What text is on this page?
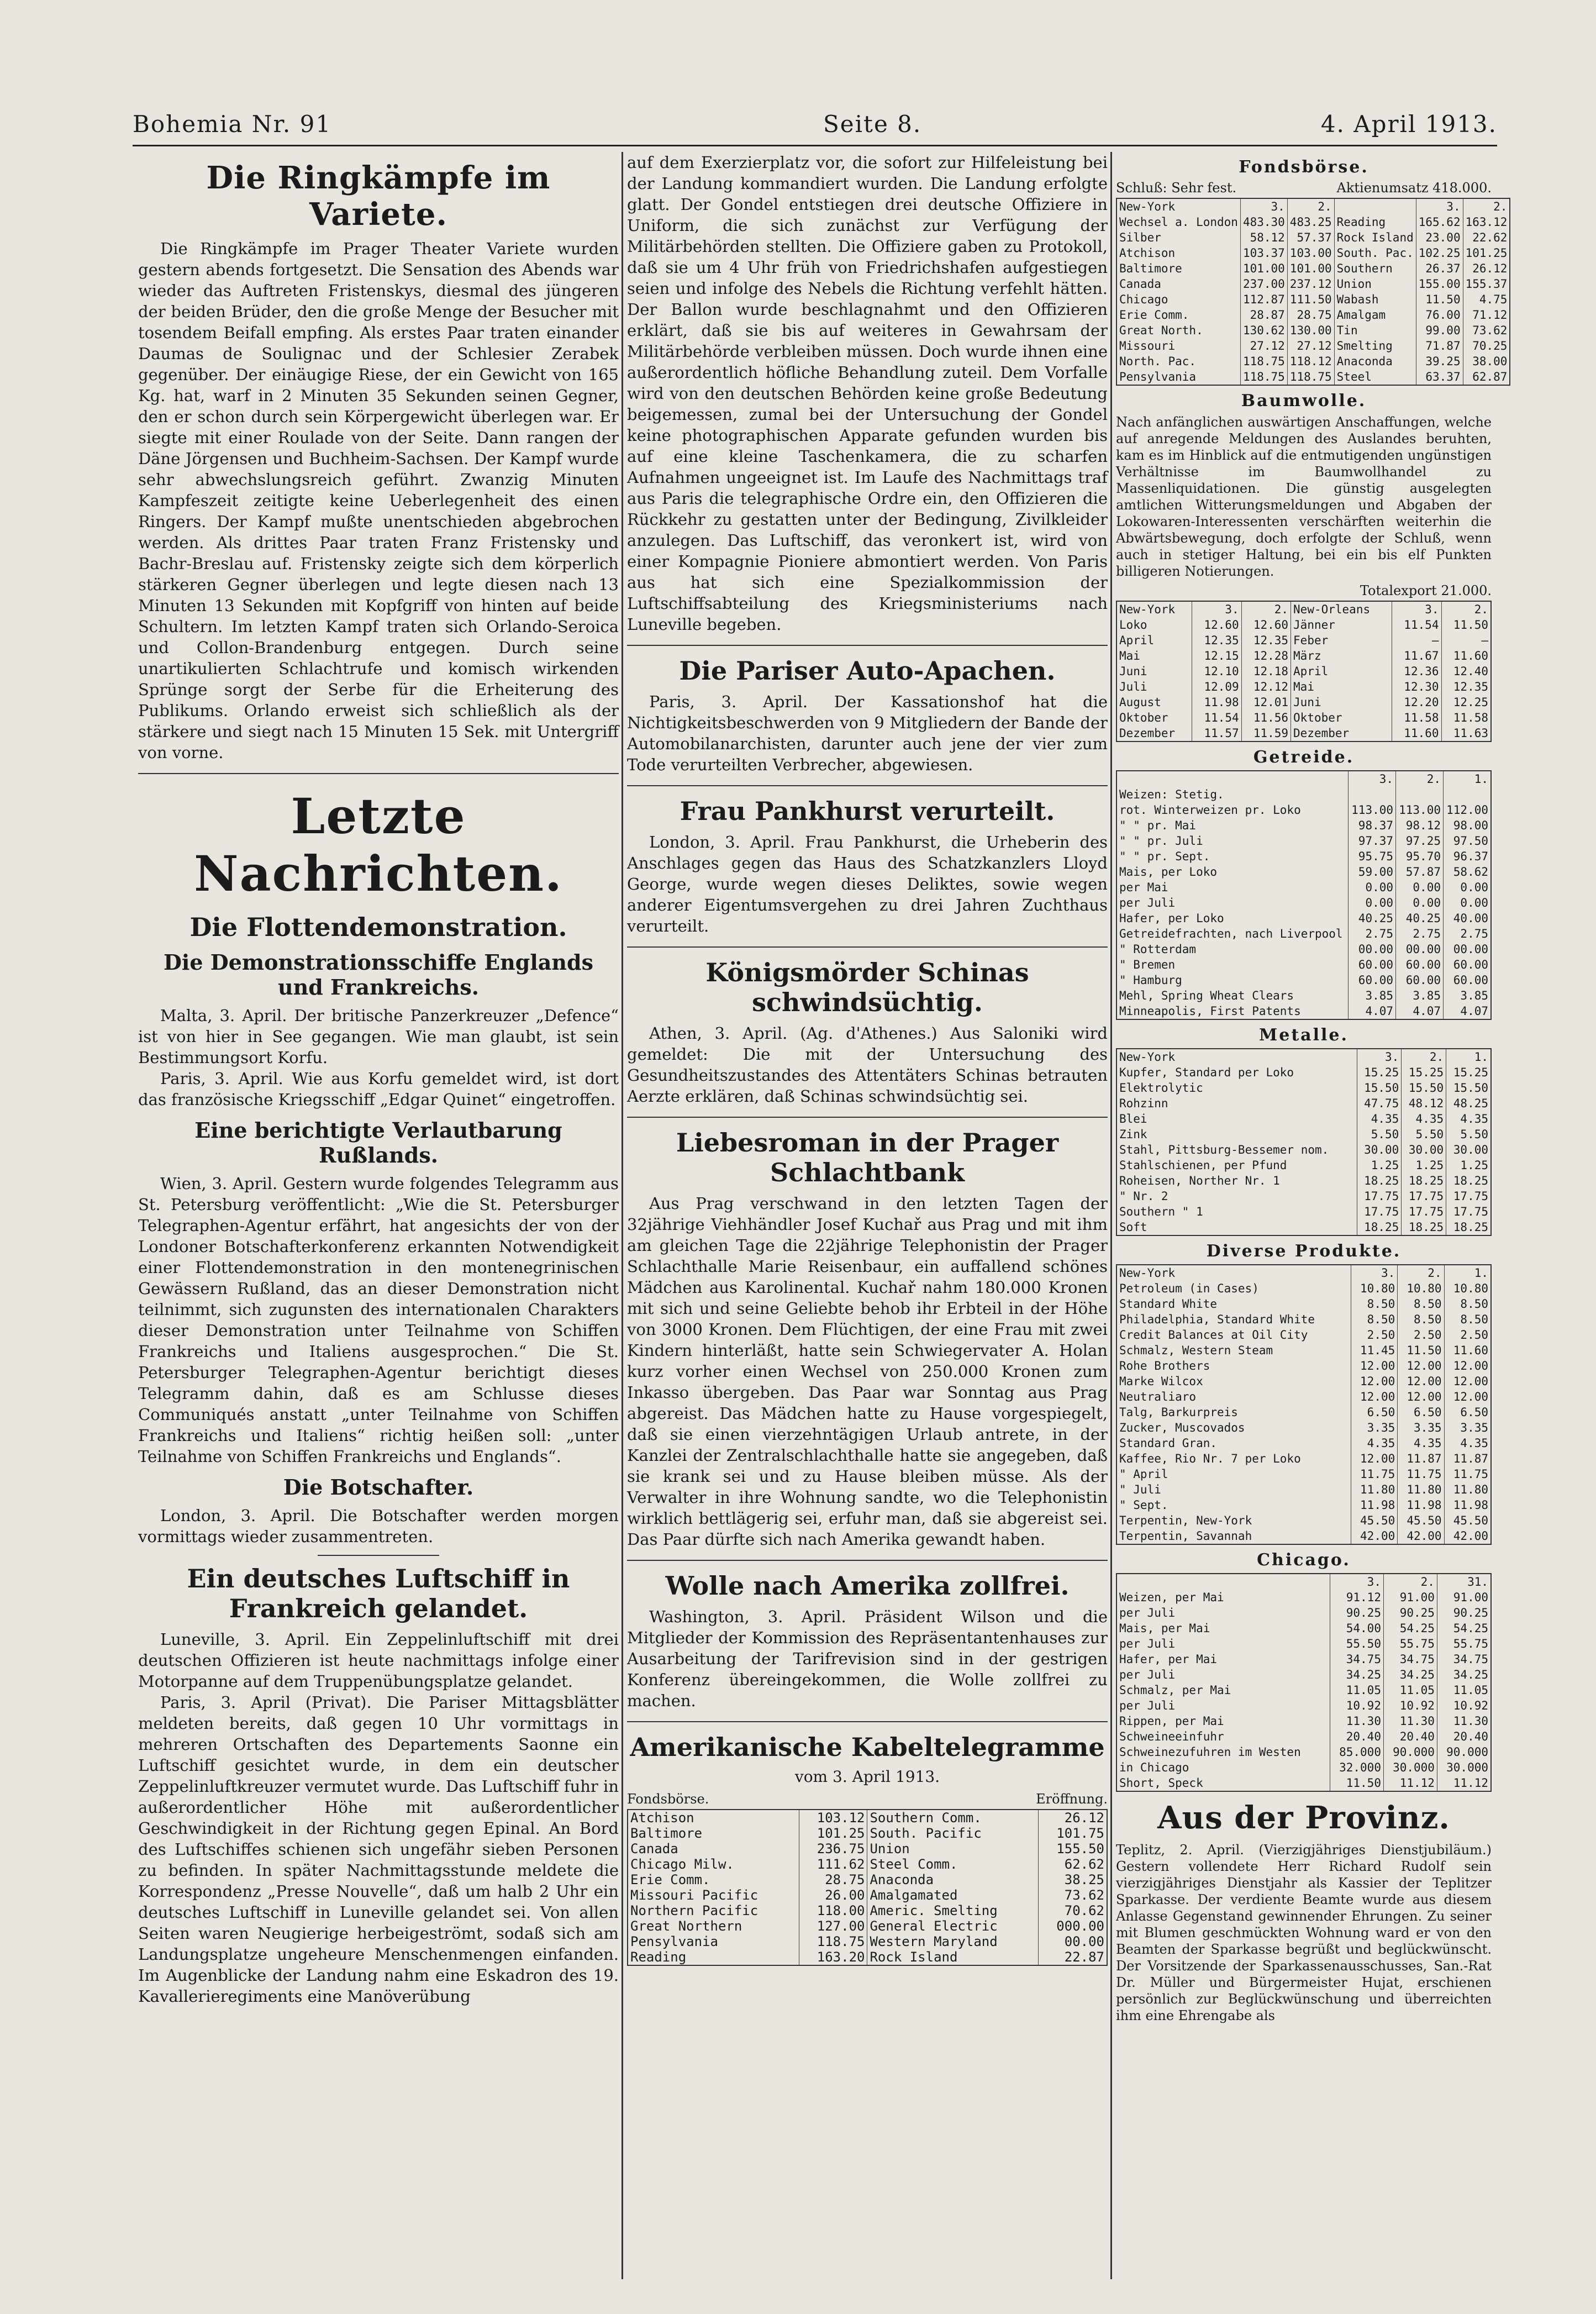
Bohemia Nr. 91	Seite 8.	4. April 1913.
Die Ringkämpfe im Variete.

Die Ringkämpfe im Prager Theater Variete wurden gestern abends fortgesetzt. Die Sensation des Abends war wieder das Auftreten Fristenskys, diesmal des jüngeren der beiden Brüder, den die große Menge der Besucher mit tosendem Beifall empfing. Als erstes Paar traten einander Daumas de Soulignac und der Schlesier Zerabek gegenüber. Der einäugige Riese, der ein Gewicht von 165 Kg. hat, warf in 2 Minuten 35 Sekunden seinen Gegner, den er schon durch sein Körpergewicht überlegen war. Er siegte mit einer Roulade von der Seite. Dann rangen der Däne Jörgensen und Buchheim-Sachsen. Der Kampf wurde sehr abwechslungsreich geführt. Zwanzig Minuten Kampfeszeit zeitigte keine Ueberlegenheit des einen Ringers. Der Kampf mußte unentschieden abgebrochen werden. Als drittes Paar traten Franz Fristensky und Bachr-Breslau auf. Fristensky zeigte sich dem körperlich stärkeren Gegner überlegen und legte diesen nach 13 Minuten 13 Sekunden mit Kopfgriff von hinten auf beide Schultern. Im letzten Kampf traten sich Orlando-Seroica und Collon-Brandenburg entgegen. Durch seine unartikulierten Schlachtrufe und komisch wirkenden Sprünge sorgt der Serbe für die Erheiterung des Publikums. Orlando erweist sich schließlich als der stärkere und siegt nach 15 Minuten 15 Sek. mit Untergriff von vorne.

Letzte Nachrichten.
Die Flottendemonstration.
Die Demonstrationsschiffe Englands und Frankreichs.

Malta, 3. April. Der britische Panzerkreuzer „Defence“ ist von hier in See gegangen. Wie man glaubt, ist sein Bestimmungsort Korfu.

Paris, 3. April. Wie aus Korfu gemeldet wird, ist dort das französische Kriegsschiff „Edgar Quinet“ eingetroffen.

Eine berichtigte Verlautbarung Rußlands.

Wien, 3. April. Gestern wurde folgendes Telegramm aus St. Petersburg veröffentlicht: „Wie die St. Petersburger Telegraphen-Agentur erfährt, hat angesichts der von der Londoner Botschafterkonferenz erkannten Notwendigkeit einer Flottendemonstration in den montenegrinischen Gewässern Rußland, das an dieser Demonstration nicht teilnimmt, sich zugunsten des internationalen Charakters dieser Demonstration unter Teilnahme von Schiffen Frankreichs und Italiens ausgesprochen.“ Die St. Petersburger Telegraphen-Agentur berichtigt dieses Telegramm dahin, daß es am Schlusse dieses Communiqués anstatt „unter Teilnahme von Schiffen Frankreichs und Italiens“ richtig heißen soll: „unter Teilnahme von Schiffen Frankreichs und Englands“.

Die Botschafter.

London, 3. April. Die Botschafter werden morgen vormittags wieder zusammentreten.

Ein deutsches Luftschiff in Frankreich gelandet.

Luneville, 3. April. Ein Zeppelinluftschiff mit drei deutschen Offizieren ist heute nachmittags infolge einer Motorpanne auf dem Truppenübungsplatze gelandet.

Paris, 3. April (Privat). Die Pariser Mittagsblätter meldeten bereits, daß gegen 10 Uhr vormittags in mehreren Ortschaften des Departements Saonne ein Luftschiff gesichtet wurde, in dem ein deutscher Zeppelinluftkreuzer vermutet wurde. Das Luftschiff fuhr in außerordentlicher Höhe mit außerordentlicher Geschwindigkeit in der Richtung gegen Epinal. An Bord des Luftschiffes schienen sich ungefähr sieben Personen zu befinden. In später Nachmittagsstunde meldete die Korrespondenz „Presse Nouvelle“, daß um halb 2 Uhr ein deutsches Luftschiff in Luneville gelandet sei. Von allen Seiten waren Neugierige herbeigeströmt, sodaß sich am Landungsplatze ungeheure Menschenmengen einfanden. Im Augenblicke der Landung nahm eine Eskadron des 19. Kavallerieregiments eine Manöverübung

auf dem Exerzierplatz vor, die sofort zur Hilfeleistung bei der Landung kommandiert wurden. Die Landung erfolgte glatt. Der Gondel entstiegen drei deutsche Offiziere in Uniform, die sich zunächst zur Verfügung der Militärbehörden stellten. Die Offiziere gaben zu Protokoll, daß sie um 4 Uhr früh von Friedrichshafen aufgestiegen seien und infolge des Nebels die Richtung verfehlt hätten. Der Ballon wurde beschlagnahmt und den Offizieren erklärt, daß sie bis auf weiteres in Gewahrsam der Militärbehörde verbleiben müssen. Doch wurde ihnen eine außerordentlich höfliche Behandlung zuteil. Dem Vorfalle wird von den deutschen Behörden keine große Bedeutung beigemessen, zumal bei der Untersuchung der Gondel keine photographischen Apparate gefunden wurden bis auf eine kleine Taschenkamera, die zu scharfen Aufnahmen ungeeignet ist. Im Laufe des Nachmittags traf aus Paris die telegraphische Ordre ein, den Offizieren die Rückkehr zu gestatten unter der Bedingung, Zivilkleider anzulegen. Das Luftschiff, das veronkert ist, wird von einer Kompagnie Pioniere abmontiert werden. Von Paris aus hat sich eine Spezialkommission der Luftschiffsabteilung des Kriegsministeriums nach Luneville begeben.

Die Pariser Auto-Apachen.

Paris, 3. April. Der Kassationshof hat die Nichtigkeitsbeschwerden von 9 Mitgliedern der Bande der Automobilanarchisten, darunter auch jene der vier zum Tode verurteilten Verbrecher, abgewiesen.

Frau Pankhurst verurteilt.

London, 3. April. Frau Pankhurst, die Urheberin des Anschlages gegen das Haus des Schatzkanzlers Lloyd George, wurde wegen dieses Deliktes, sowie wegen anderer Eigentumsvergehen zu drei Jahren Zuchthaus verurteilt.

Königsmörder Schinas schwindsüchtig.

Athen, 3. April. (Ag. d'Athenes.) Aus Saloniki wird gemeldet: Die mit der Untersuchung des Gesundheitszustandes des Attentäters Schinas betrauten Aerzte erklären, daß Schinas schwindsüchtig sei.

Liebesroman in der Prager Schlachtbank

Aus Prag verschwand in den letzten Tagen der 32jährige Viehhändler Josef Kuchař aus Prag und mit ihm am gleichen Tage die 22jährige Telephonistin der Prager Schlachthalle Marie Reisenbaur, ein auffallend schönes Mädchen aus Karolinental. Kuchař nahm 180.000 Kronen mit sich und seine Geliebte behob ihr Erbteil in der Höhe von 3000 Kronen. Dem Flüchtigen, der eine Frau mit zwei Kindern hinterläßt, hatte sein Schwiegervater A. Holan kurz vorher einen Wechsel von 250.000 Kronen zum Inkasso übergeben. Das Paar war Sonntag aus Prag abgereist. Das Mädchen hatte zu Hause vorgespiegelt, daß sie einen vierzehntägigen Urlaub antrete, in der Kanzlei der Zentralschlachthalle hatte sie angegeben, daß sie krank sei und zu Hause bleiben müsse. Als der Verwalter in ihre Wohnung sandte, wo die Telephonistin wirklich bettlägerig sei, erfuhr man, daß sie abgereist sei. Das Paar dürfte sich nach Amerika gewandt haben.

Wolle nach Amerika zollfrei.

Washington, 3. April. Präsident Wilson und die Mitglieder der Kommission des Repräsentantenhauses zur Ausarbeitung der Tarifrevision sind in der gestrigen Konferenz übereingekommen, die Wolle zollfrei zu machen.

Amerikanische Kabeltelegramme
vom 3. April 1913.
Fondsbörse.	Eröffnung.
Atchison	103.12	Southern Comm.	26.12
Baltimore	101.25	South. Pacific	101.75
Canada	236.75	Union	155.50
Chicago Milw.	111.62	Steel Comm.	62.62
Erie Comm.	28.75	Anaconda	38.25
Missouri Pacific	26.00	Amalgamated	73.62
Northern Pacific	118.00	Americ. Smelting	70.62
Great Northern	127.00	General Electric	000.00
Pensylvania	118.75	Western Maryland	00.00
Reading	163.20	Rock Island	22.87
Fondsbörse.
Schluß: Sehr fest.	Aktienumsatz 418.000.
New-York	3.	2.		3.	2.
Wechsel a. London	483.30	483.25	Reading	165.62	163.12
Silber	58.12	57.37	Rock Island	23.00	22.62
Atchison	103.37	103.00	South. Pac.	102.25	101.25
Baltimore	101.00	101.00	Southern	26.37	26.12
Canada	237.00	237.12	Union	155.00	155.37
Chicago	112.87	111.50	Wabash	11.50	4.75
Erie Comm.	28.87	28.75	Amalgam	76.00	71.12
Great North.	130.62	130.00	Tin	99.00	73.62
Missouri	27.12	27.12	Smelting	71.87	70.25
North. Pac.	118.75	118.12	Anaconda	39.25	38.00
Pensylvania	118.75	118.75	Steel	63.37	62.87
Baumwolle.

Nach anfänglichen auswärtigen Anschaffungen, welche auf anregende Meldungen des Auslandes beruhten, kam es im Hinblick auf die entmutigenden ungünstigen Verhältnisse im Baumwollhandel zu Massenliquidationen. Die günstig ausgelegten amtlichen Witterungsmeldungen und Abgaben der Lokowaren-Interessenten verschärften weiterhin die Abwärtsbewegung, doch erfolgte der Schluß, wenn auch in stetiger Haltung, bei ein bis elf Punkten billigeren Notierungen.

Totalexport 21.000.
New-York	3.	2.	New-Orleans	3.	2.
Loko	12.60	12.60	Jänner	11.54	11.50
April	12.35	12.35	Feber	—	—
Mai	12.15	12.28	März	11.67	11.60
Juni	12.10	12.18	April	12.36	12.40
Juli	12.09	12.12	Mai	12.30	12.35
August	11.98	12.01	Juni	12.20	12.25
Oktober	11.54	11.56	Oktober	11.58	11.58
Dezember	11.57	11.59	Dezember	11.60	11.63
Getreide.
	3.	2.	1.
Weizen: Stetig.			
rot. Winterweizen pr. Loko	113.00	113.00	112.00
" " pr. Mai	98.37	98.12	98.00
" " pr. Juli	97.37	97.25	97.50
" " pr. Sept.	95.75	95.70	96.37
Mais, per Loko	59.00	57.87	58.62
per Mai	0.00	0.00	0.00
per Juli	0.00	0.00	0.00
Hafer, per Loko	40.25	40.25	40.00
Getreidefrachten, nach Liverpool	2.75	2.75	2.75
" Rotterdam	00.00	00.00	00.00
" Bremen	60.00	60.00	60.00
" Hamburg	60.00	60.00	60.00
Mehl, Spring Wheat Clears	3.85	3.85	3.85
Minneapolis, First Patents	4.07	4.07	4.07
Metalle.
New-York	3.	2.	1.
Kupfer, Standard per Loko	15.25	15.25	15.25
Elektrolytic	15.50	15.50	15.50
Rohzinn	47.75	48.12	48.25
Blei	4.35	4.35	4.35
Zink	5.50	5.50	5.50
Stahl, Pittsburg-Bessemer nom.	30.00	30.00	30.00
Stahlschienen, per Pfund	1.25	1.25	1.25
Roheisen, Norther Nr. 1	18.25	18.25	18.25
" Nr. 2	17.75	17.75	17.75
Southern " 1	17.75	17.75	17.75
Soft	18.25	18.25	18.25
Diverse Produkte.
New-York	3.	2.	1.
Petroleum (in Cases)	10.80	10.80	10.80
Standard White	8.50	8.50	8.50
Philadelphia, Standard White	8.50	8.50	8.50
Credit Balances at Oil City	2.50	2.50	2.50
Schmalz, Western Steam	11.45	11.50	11.60
Rohe Brothers	12.00	12.00	12.00
Marke Wilcox	12.00	12.00	12.00
Neutraliaro	12.00	12.00	12.00
Talg, Barkurpreis	6.50	6.50	6.50
Zucker, Muscovados	3.35	3.35	3.35
Standard Gran.	4.35	4.35	4.35
Kaffee, Rio Nr. 7 per Loko	12.00	11.87	11.87
" April	11.75	11.75	11.75
" Juli	11.80	11.80	11.80
" Sept.	11.98	11.98	11.98
Terpentin, New-York	45.50	45.50	45.50
Terpentin, Savannah	42.00	42.00	42.00
Chicago.
	3.	2.	31.
Weizen, per Mai	91.12	91.00	91.00
per Juli	90.25	90.25	90.25
Mais, per Mai	54.00	54.25	54.25
per Juli	55.50	55.75	55.75
Hafer, per Mai	34.75	34.75	34.75
per Juli	34.25	34.25	34.25
Schmalz, per Mai	11.05	11.05	11.05
per Juli	10.92	10.92	10.92
Rippen, per Mai	11.30	11.30	11.30
Schweineeinfuhr	20.40	20.40	20.40
Schweinezufuhren im Westen	85.000	90.000	90.000
in Chicago	32.000	30.000	30.000
Short, Speck	11.50	11.12	11.12
Aus der Provinz.

Teplitz, 2. April. (Vierzigjähriges Dienstjubiläum.) Gestern vollendete Herr Richard Rudolf sein vierzigjähriges Dienstjahr als Kassier der Teplitzer Sparkasse. Der verdiente Beamte wurde aus diesem Anlasse Gegenstand gewinnender Ehrungen. Zu seiner mit Blumen geschmückten Wohnung ward er von den Beamten der Sparkasse begrüßt und beglückwünscht. Der Vorsitzende der Sparkassenausschusses, San.-Rat Dr. Müller und Bürgermeister Hujat, erschienen persönlich zur Beglückwünschung und überreichten ihm eine Ehrengabe als
